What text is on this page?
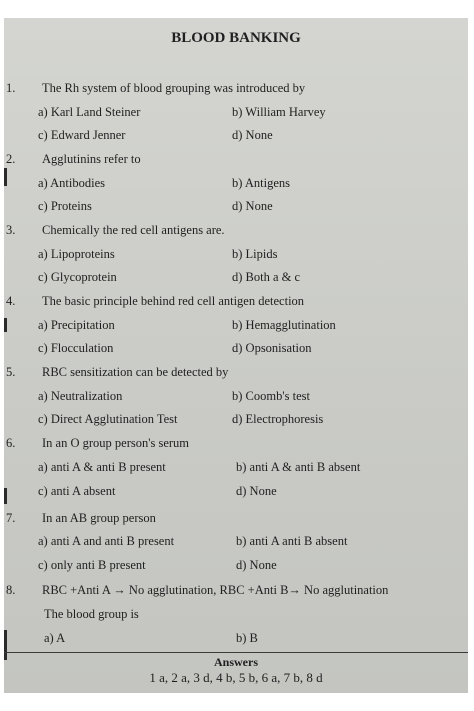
BLOOD BANKING
1. The Rh system of blood grouping was introduced by
a) Karl Land Steiner	b) William Harvey
c) Edward Jenner	d) None
2. Agglutinins refer to
a) Antibodies	b) Antigens
c) Proteins	d) None
3. Chemically the red cell antigens are.
a) Lipoproteins	b) Lipids
c) Glycoprotein	d) Both a & c
4. The basic principle behind red cell antigen detection
a) Precipitation	b) Hemagglutination
c) Flocculation	d) Opsonisation
5. RBC sensitization can be detected by
a) Neutralization	b) Coomb's test
c) Direct Agglutination Test	d) Electrophoresis
6. In an O group person's serum
a) anti A & anti B present	b) anti A & anti B absent
c) anti A absent	d) None
7. In an AB group person
a) anti A and anti B present	b) anti A anti B absent
c) only anti B present	d) None
8. RBC +Anti A → No agglutination, RBC +Anti B→ No agglutination
The blood group is
a) A	b) B
Answers
1 a, 2 a, 3 d, 4 b, 5 b, 6 a, 7 b, 8 d
